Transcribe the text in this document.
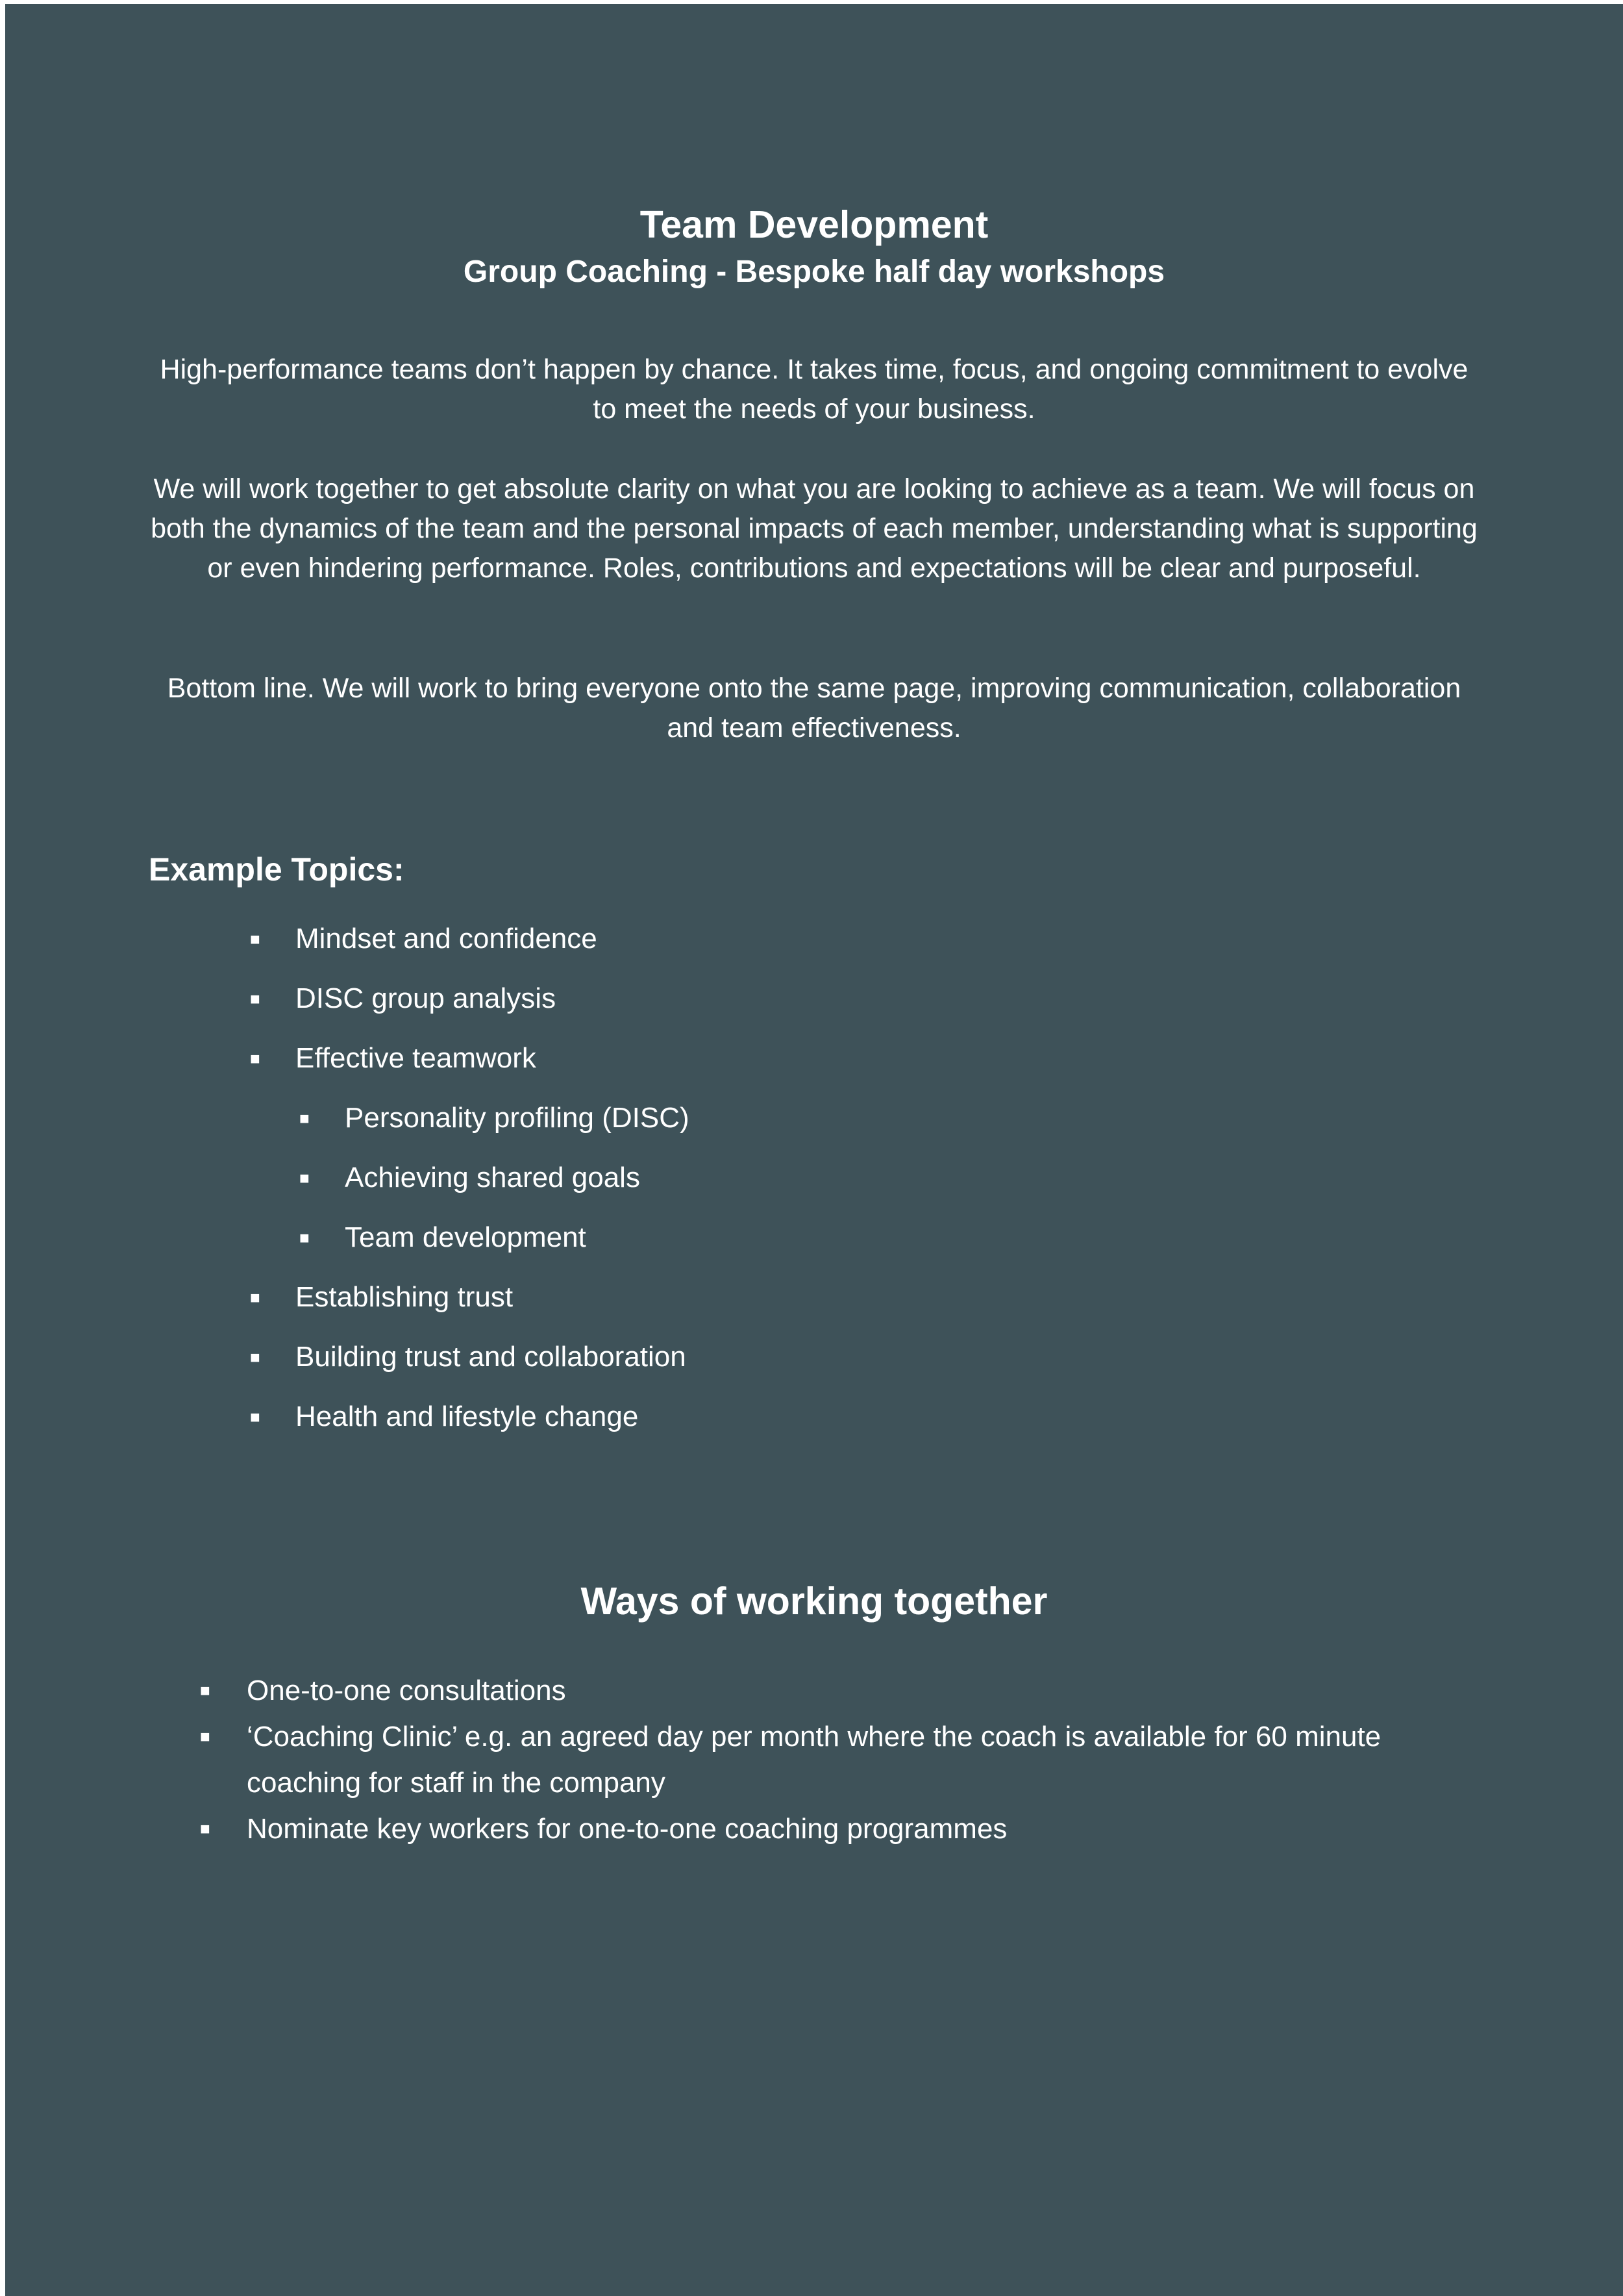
Team Development
Group Coaching - Bespoke half day workshops

High-performance teams don’t happen by chance. It takes time, focus, and ongoing commitment to evolve to meet the needs of your business.

We will work together to get absolute clarity on what you are looking to achieve as a team. We will focus on both the dynamics of the team and the personal impacts of each member, understanding what is supporting or even hindering performance. Roles, contributions and expectations will be clear and purposeful.

Bottom line. We will work to bring everyone onto the same page, improving communication, collaboration and team effectiveness.

Example Topics:
■ Mindset and confidence
■ DISC group analysis
■ Effective teamwork
■ Personality profiling (DISC)
■ Achieving shared goals
■ Team development
■ Establishing trust
■ Building trust and collaboration
■ Health and lifestyle change
Ways of working together
■ One-to-one consultations
■ ‘Coaching Clinic’ e.g. an agreed day per month where the coach is available for 60 minute coaching for staff in the company
■ Nominate key workers for one-to-one coaching programmes
